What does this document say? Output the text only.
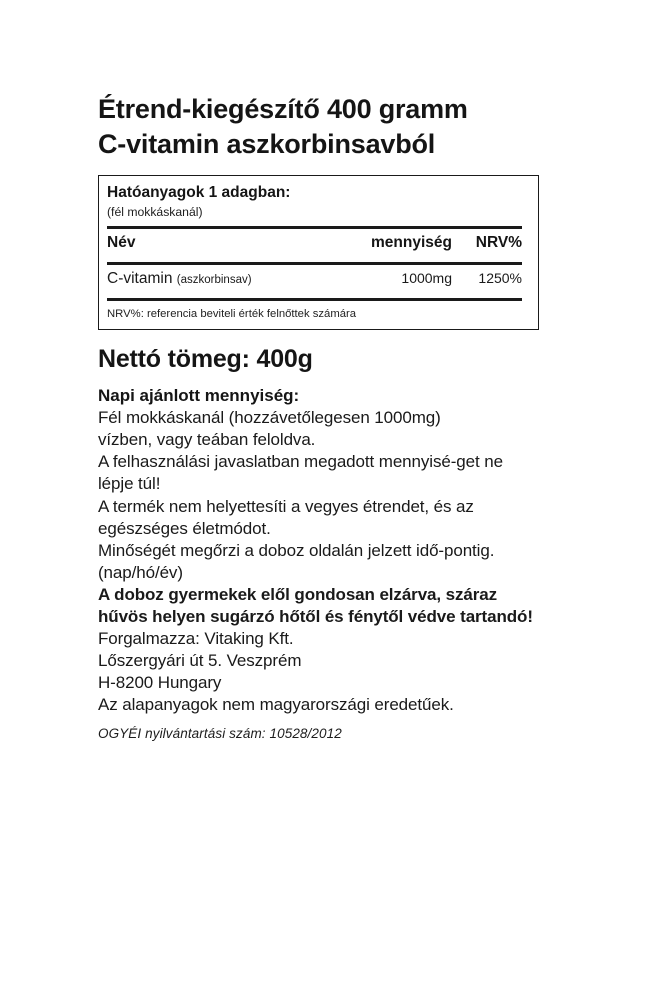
Étrend-kiegészítő 400 gramm
C-vitamin aszkorbinsavból
Hatóanyagok 1 adagban:
(fél mokkáskanál)
Név	mennyiség	NRV%
C-vitamin (aszkorbinsav)	1000mg	1250%
NRV%: referencia beviteli érték felnőttek számára
Nettó tömeg: 400g
Napi ajánlott mennyiség:

Fél mokkáskanál (hozzávetőlegesen 1000mg)
vízben, vagy teában feloldva.

A felhasználási javaslatban megadott mennyisé-get ne lépje túl!

A termék nem helyettesíti a vegyes étrendet, és az egészséges életmódot.

Minőségét megőrzi a doboz oldalán jelzett idő-pontig. (nap/hó/év)

A doboz gyermekek elől gondosan elzárva, száraz hűvös helyen sugárzó hőtől és fénytől védve tartandó!

Forgalmazza: Vitaking Kft.
Lőszergyári út 5. Veszprém
H-8200 Hungary

Az alapanyagok nem magyarországi eredetűek.

OGYÉI nyilvántartási szám: 10528/2012
